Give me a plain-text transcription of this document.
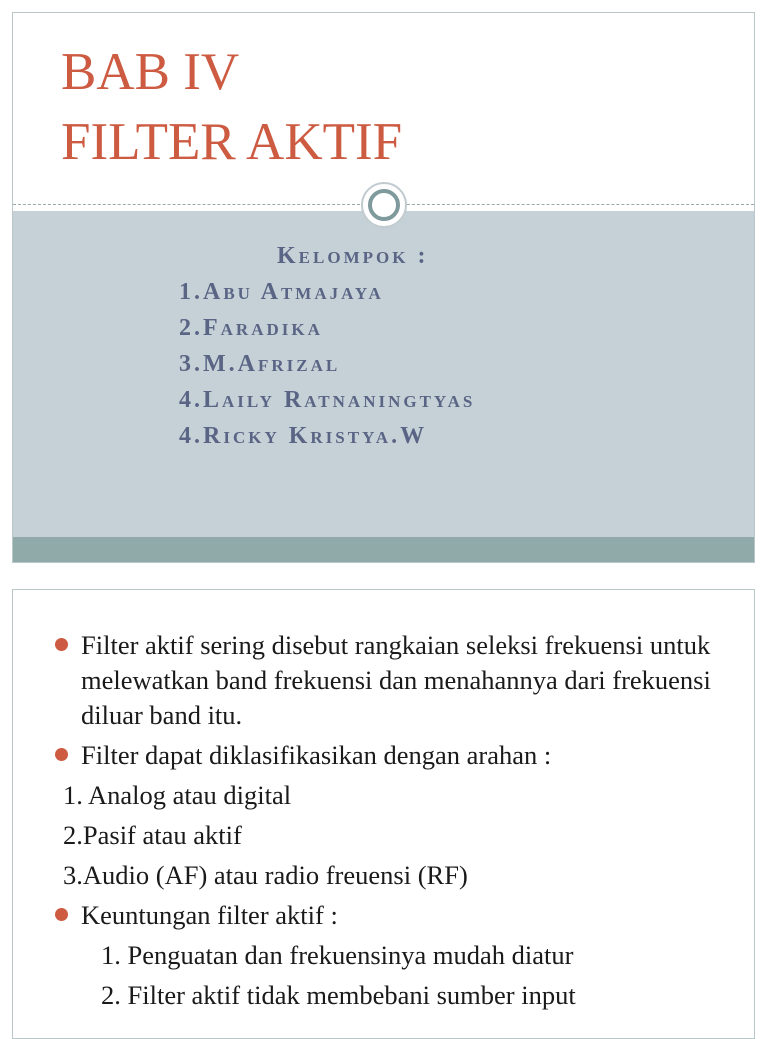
BAB IV
FILTER AKTIF
Kelompok :
1.Abu Atmajaya
2.Faradika
3.M.Afrizal
4.Laily Ratnaningtyas
4.Ricky Kristya.W
Filter aktif sering disebut rangkaian seleksi frekuensi untuk melewatkan band frekuensi dan menahannya dari frekuensi diluar band itu.
Filter dapat diklasifikasikan dengan arahan :
1. Analog atau digital
2.Pasif atau aktif
3.Audio (AF) atau radio freuensi (RF)
Keuntungan filter aktif :
1. Penguatan dan frekuensinya mudah diatur
2. Filter aktif tidak membebani sumber input
